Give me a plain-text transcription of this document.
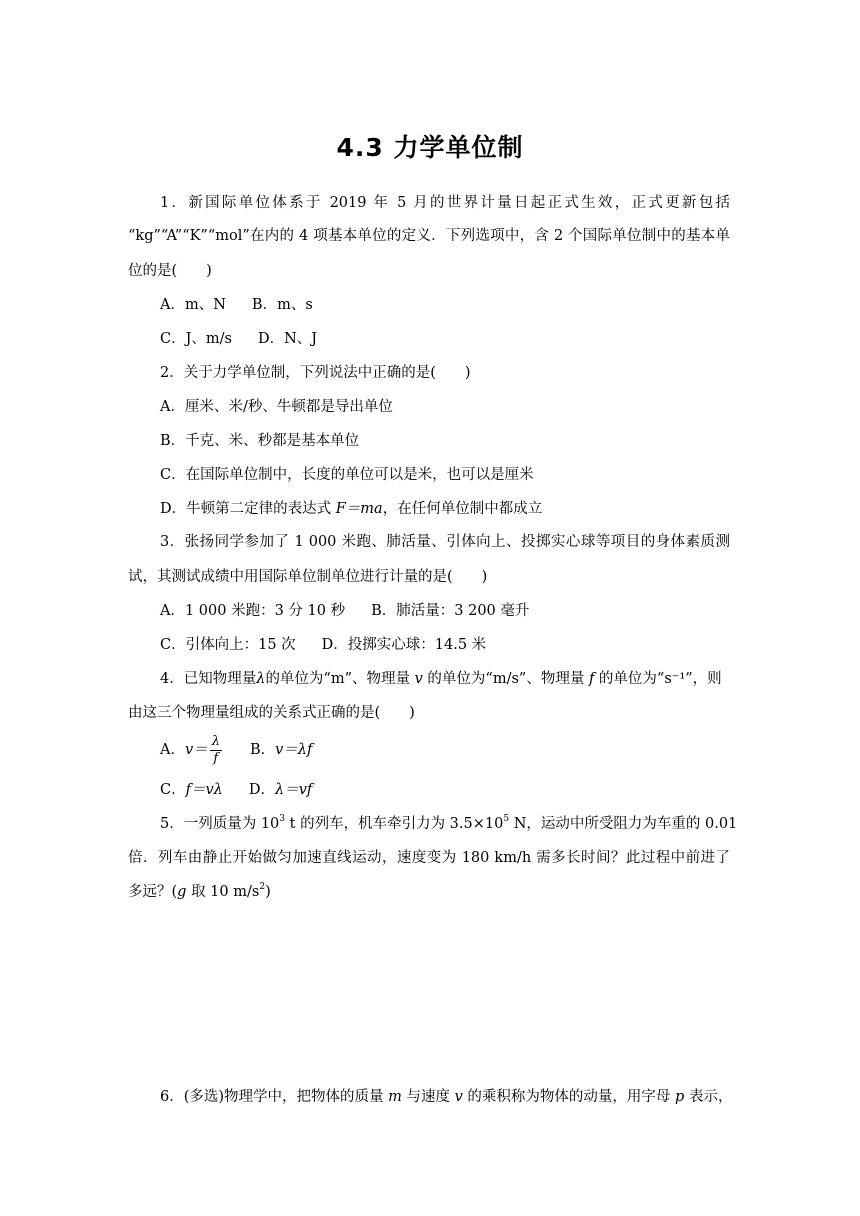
4.3 力学单位制
1．新国际单位体系于 2019 年 5 月的世界计量日起正式生效，正式更新包括
“kg”“A”“K”“mol”在内的 4 项基本单位的定义．下列选项中，含 2 个国际单位制中的基本单
位的是(　　)
A．m、N B．m、s
C．J、m/s D．N、J
2．关于力学单位制，下列说法中正确的是(　　)
A．厘米、米/秒、牛顿都是导出单位
B．千克、米、秒都是基本单位
C．在国际单位制中，长度的单位可以是米，也可以是厘米
D．牛顿第二定律的表达式 F＝ma，在任何单位制中都成立
3．张扬同学参加了 1 000 米跑、肺活量、引体向上、投掷实心球等项目的身体素质测
试，其测试成绩中用国际单位制单位进行计量的是(　　)
A．1 000 米跑：3 分 10 秒 B．肺活量：3 200 毫升
C．引体向上：15 次 D．投掷实心球：14.5 米
4．已知物理量λ的单位为“m”、物理量 v 的单位为“m/s”、物理量 f 的单位为“s⁻¹”，则
由这三个物理量组成的关系式正确的是(　　)
A．$v= \frac{\lambda}{f}$ B．v＝λf
C．f＝vλ D．λ＝vf
5．一列质量为 $10^3$ t 的列车，机车牵引力为 $3.5\times 10^5$ N，运动中所受阻力为车重的 0.01
倍．列车由静止开始做匀加速直线运动，速度变为 180 km/h 需多长时间？此过程中前进了
多远？(g 取 10 $m/s^2$)
6．(多选)物理学中，把物体的质量 m 与速度 v 的乘积称为物体的动量，用字母 p 表示，
